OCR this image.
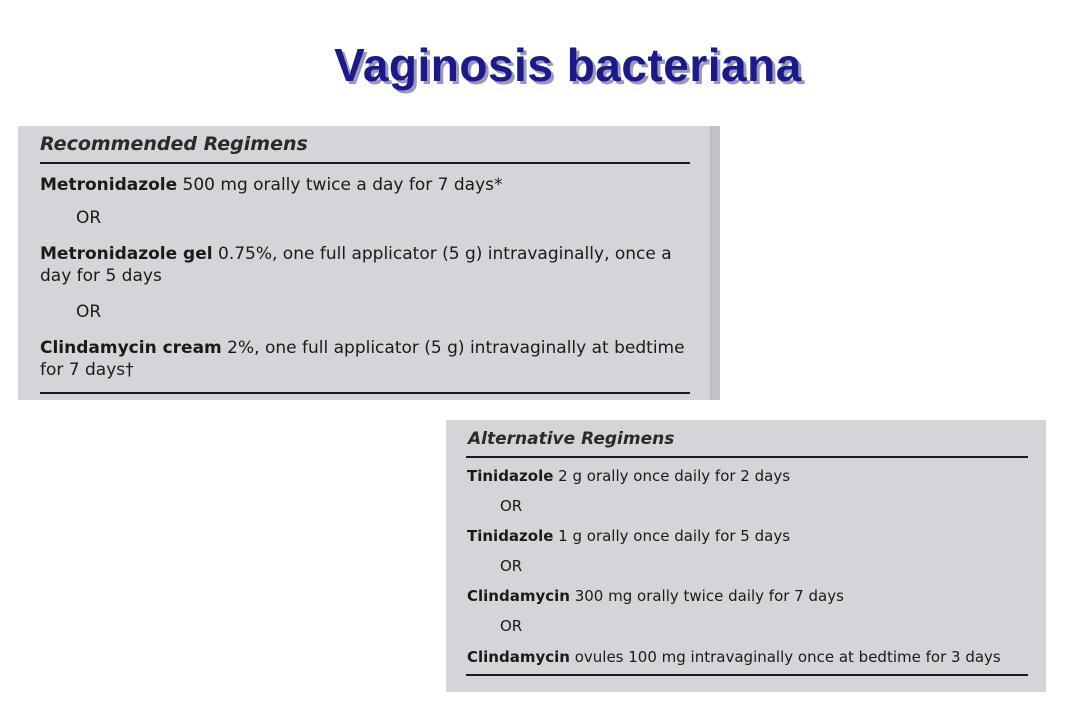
Vaginosis bacteriana
Recommended Regimens
Metronidazole 500 mg orally twice a day for 7 days*
OR
Metronidazole gel 0.75%, one full applicator (5 g) intravaginally, once a day for 5 days
OR
Clindamycin cream 2%, one full applicator (5 g) intravaginally at bedtime for 7 days†
Alternative Regimens
Tinidazole 2 g orally once daily for 2 days
OR
Tinidazole 1 g orally once daily for 5 days
OR
Clindamycin 300 mg orally twice daily for 7 days
OR
Clindamycin ovules 100 mg intravaginally once at bedtime for 3 days
